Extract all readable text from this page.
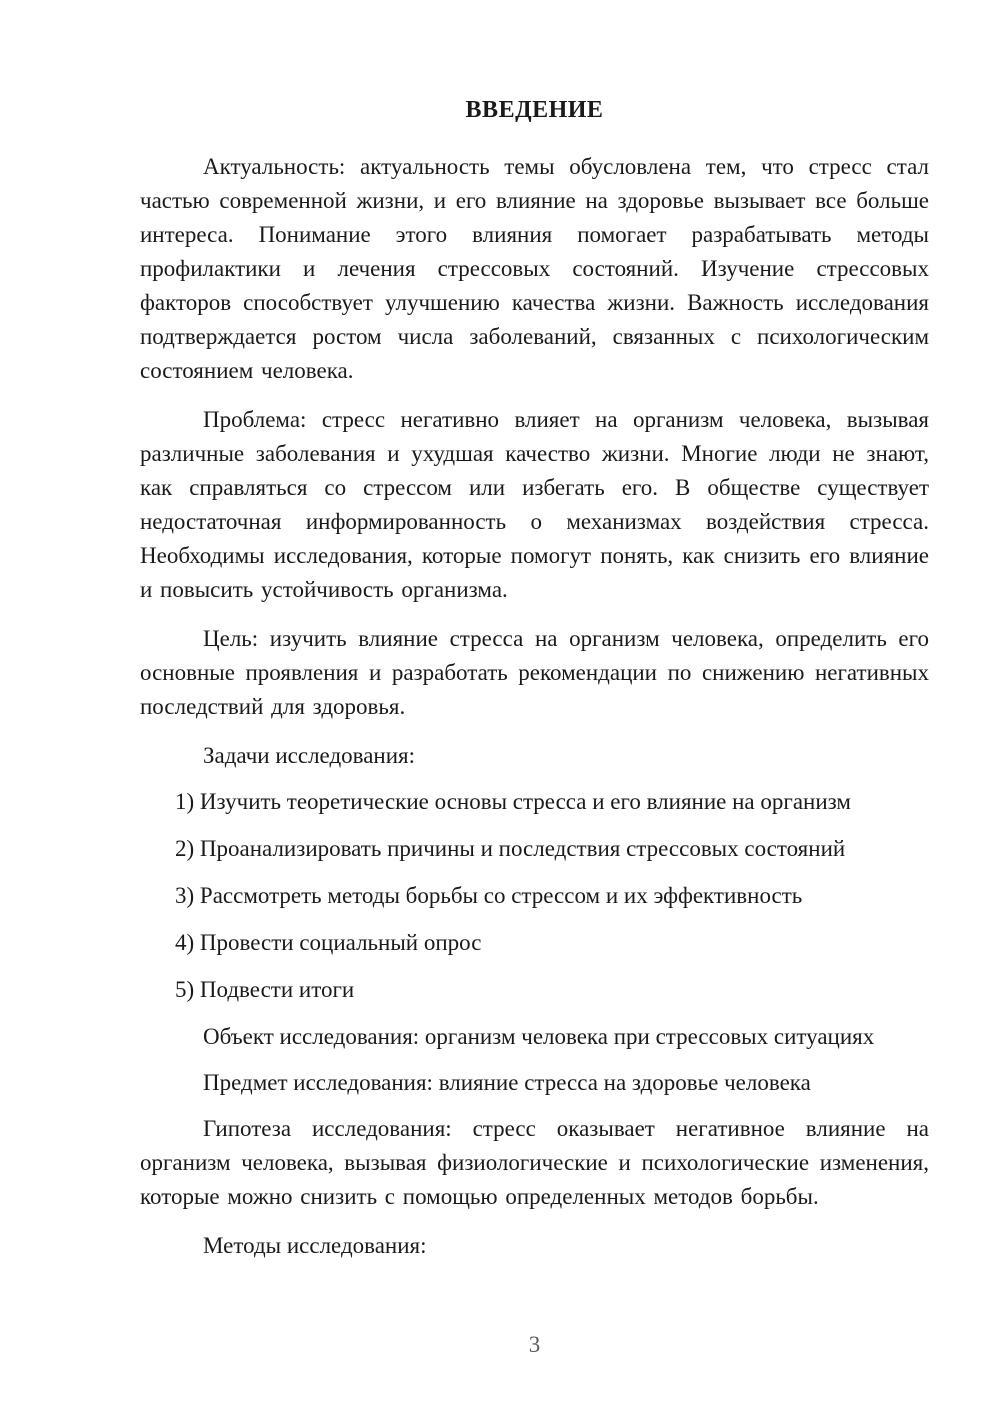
ВВЕДЕНИЕ

Актуальность: актуальность темы обусловлена тем, что стресс стал частью современной жизни, и его влияние на здоровье вызывает все больше интереса. Понимание этого влияния помогает разрабатывать методы профилактики и лечения стрессовых состояний. Изучение стрессовых факторов способствует улучшению качества жизни. Важность исследования подтверждается ростом числа заболеваний, связанных с психологическим состоянием человека.

Проблема: стресс негативно влияет на организм человека, вызывая различные заболевания и ухудшая качество жизни. Многие люди не знают, как справляться со стрессом или избегать его. В обществе существует недостаточная информированность о механизмах воздействия стресса. Необходимы исследования, которые помогут понять, как снизить его влияние и повысить устойчивость организма.

Цель: изучить влияние стресса на организм человека, определить его основные проявления и разработать рекомендации по снижению негативных последствий для здоровья.

Задачи исследования:

1) Изучить теоретические основы стресса и его влияние на организм

2) Проанализировать причины и последствия стрессовых состояний

3) Рассмотреть методы борьбы со стрессом и их эффективность

4) Провести социальный опрос

5) Подвести итоги

Объект исследования: организм человека при стрессовых ситуациях

Предмет исследования: влияние стресса на здоровье человека

Гипотеза исследования: стресс оказывает негативное влияние на организм человека, вызывая физиологические и психологические изменения, которые можно снизить с помощью определенных методов борьбы.

Методы исследования:

3
